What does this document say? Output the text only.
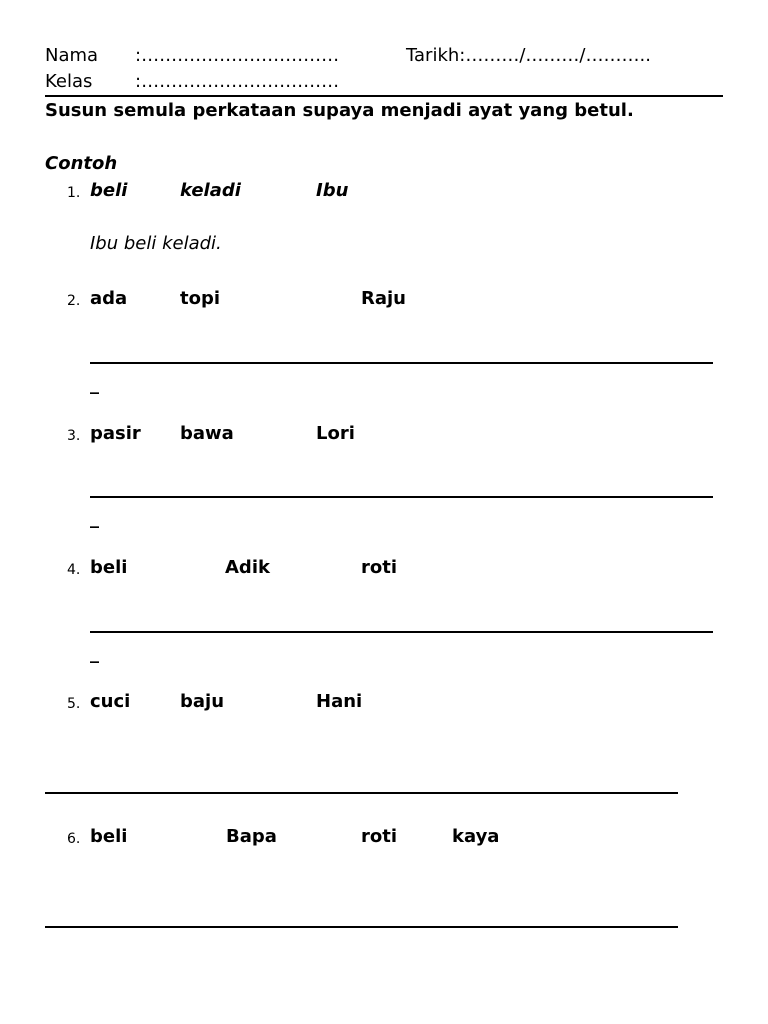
Nama :……………………………	Tarikh:………/………/………..
Kelas :……………………………
Susun semula perkataan supaya menjadi ayat yang betul.
Contoh
1. beli	keladi	Ibu
Ibu beli keladi.
2. ada	topi	Raju
_
3. pasir bawa	Lori
_
4. beli	Adik	roti
_
5. cuci	baju	Hani
6. beli	Bapa	roti	kaya
